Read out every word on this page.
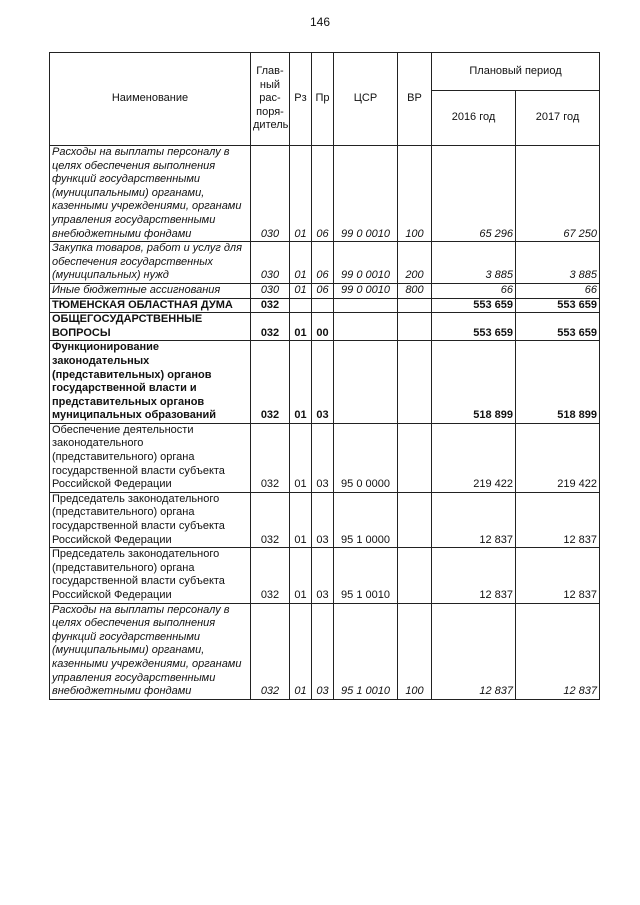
146
Наименование	Глав-
ный
рас-
поря-
дитель	Рз	Пр	ЦСР	ВР	Плановый период	
						2016 год	2017 год
Расходы на выплаты персоналу в целях обеспечения выполнения функций государственными (муниципальными) органами, казенными учреждениями, органами управления государственными внебюджетными фондами	030	01	06	99 0 0010	100	65 296	67 250
Закупка товаров, работ и услуг для обеспечения государственных (муниципальных) нужд	030	01	06	99 0 0010	200	3 885	3 885
Иные бюджетные ассигнования	030	01	06	99 0 0010	800	66	66
ТЮМЕНСКАЯ ОБЛАСТНАЯ ДУМА	032					553 659	553 659
ОБЩЕГОСУДАРСТВЕННЫЕ ВОПРОСЫ	032	01	00			553 659	553 659
Функционирование законодательных (представительных) органов государственной власти и представительных органов муниципальных образований	032	01	03			518 899	518 899
Обеспечение деятельности законодательного (представительного) органа государственной власти субъекта Российской Федерации	032	01	03	95 0 0000		219 422	219 422
Председатель законодательного (представительного) органа государственной власти субъекта Российской Федерации	032	01	03	95 1 0000		12 837	12 837
Председатель законодательного (представительного) органа государственной власти субъекта Российской Федерации	032	01	03	95 1 0010		12 837	12 837
Расходы на выплаты персоналу в целях обеспечения выполнения функций государственными (муниципальными) органами, казенными учреждениями, органами управления государственными внебюджетными фондами	032	01	03	95 1 0010	100	12 837	12 837
